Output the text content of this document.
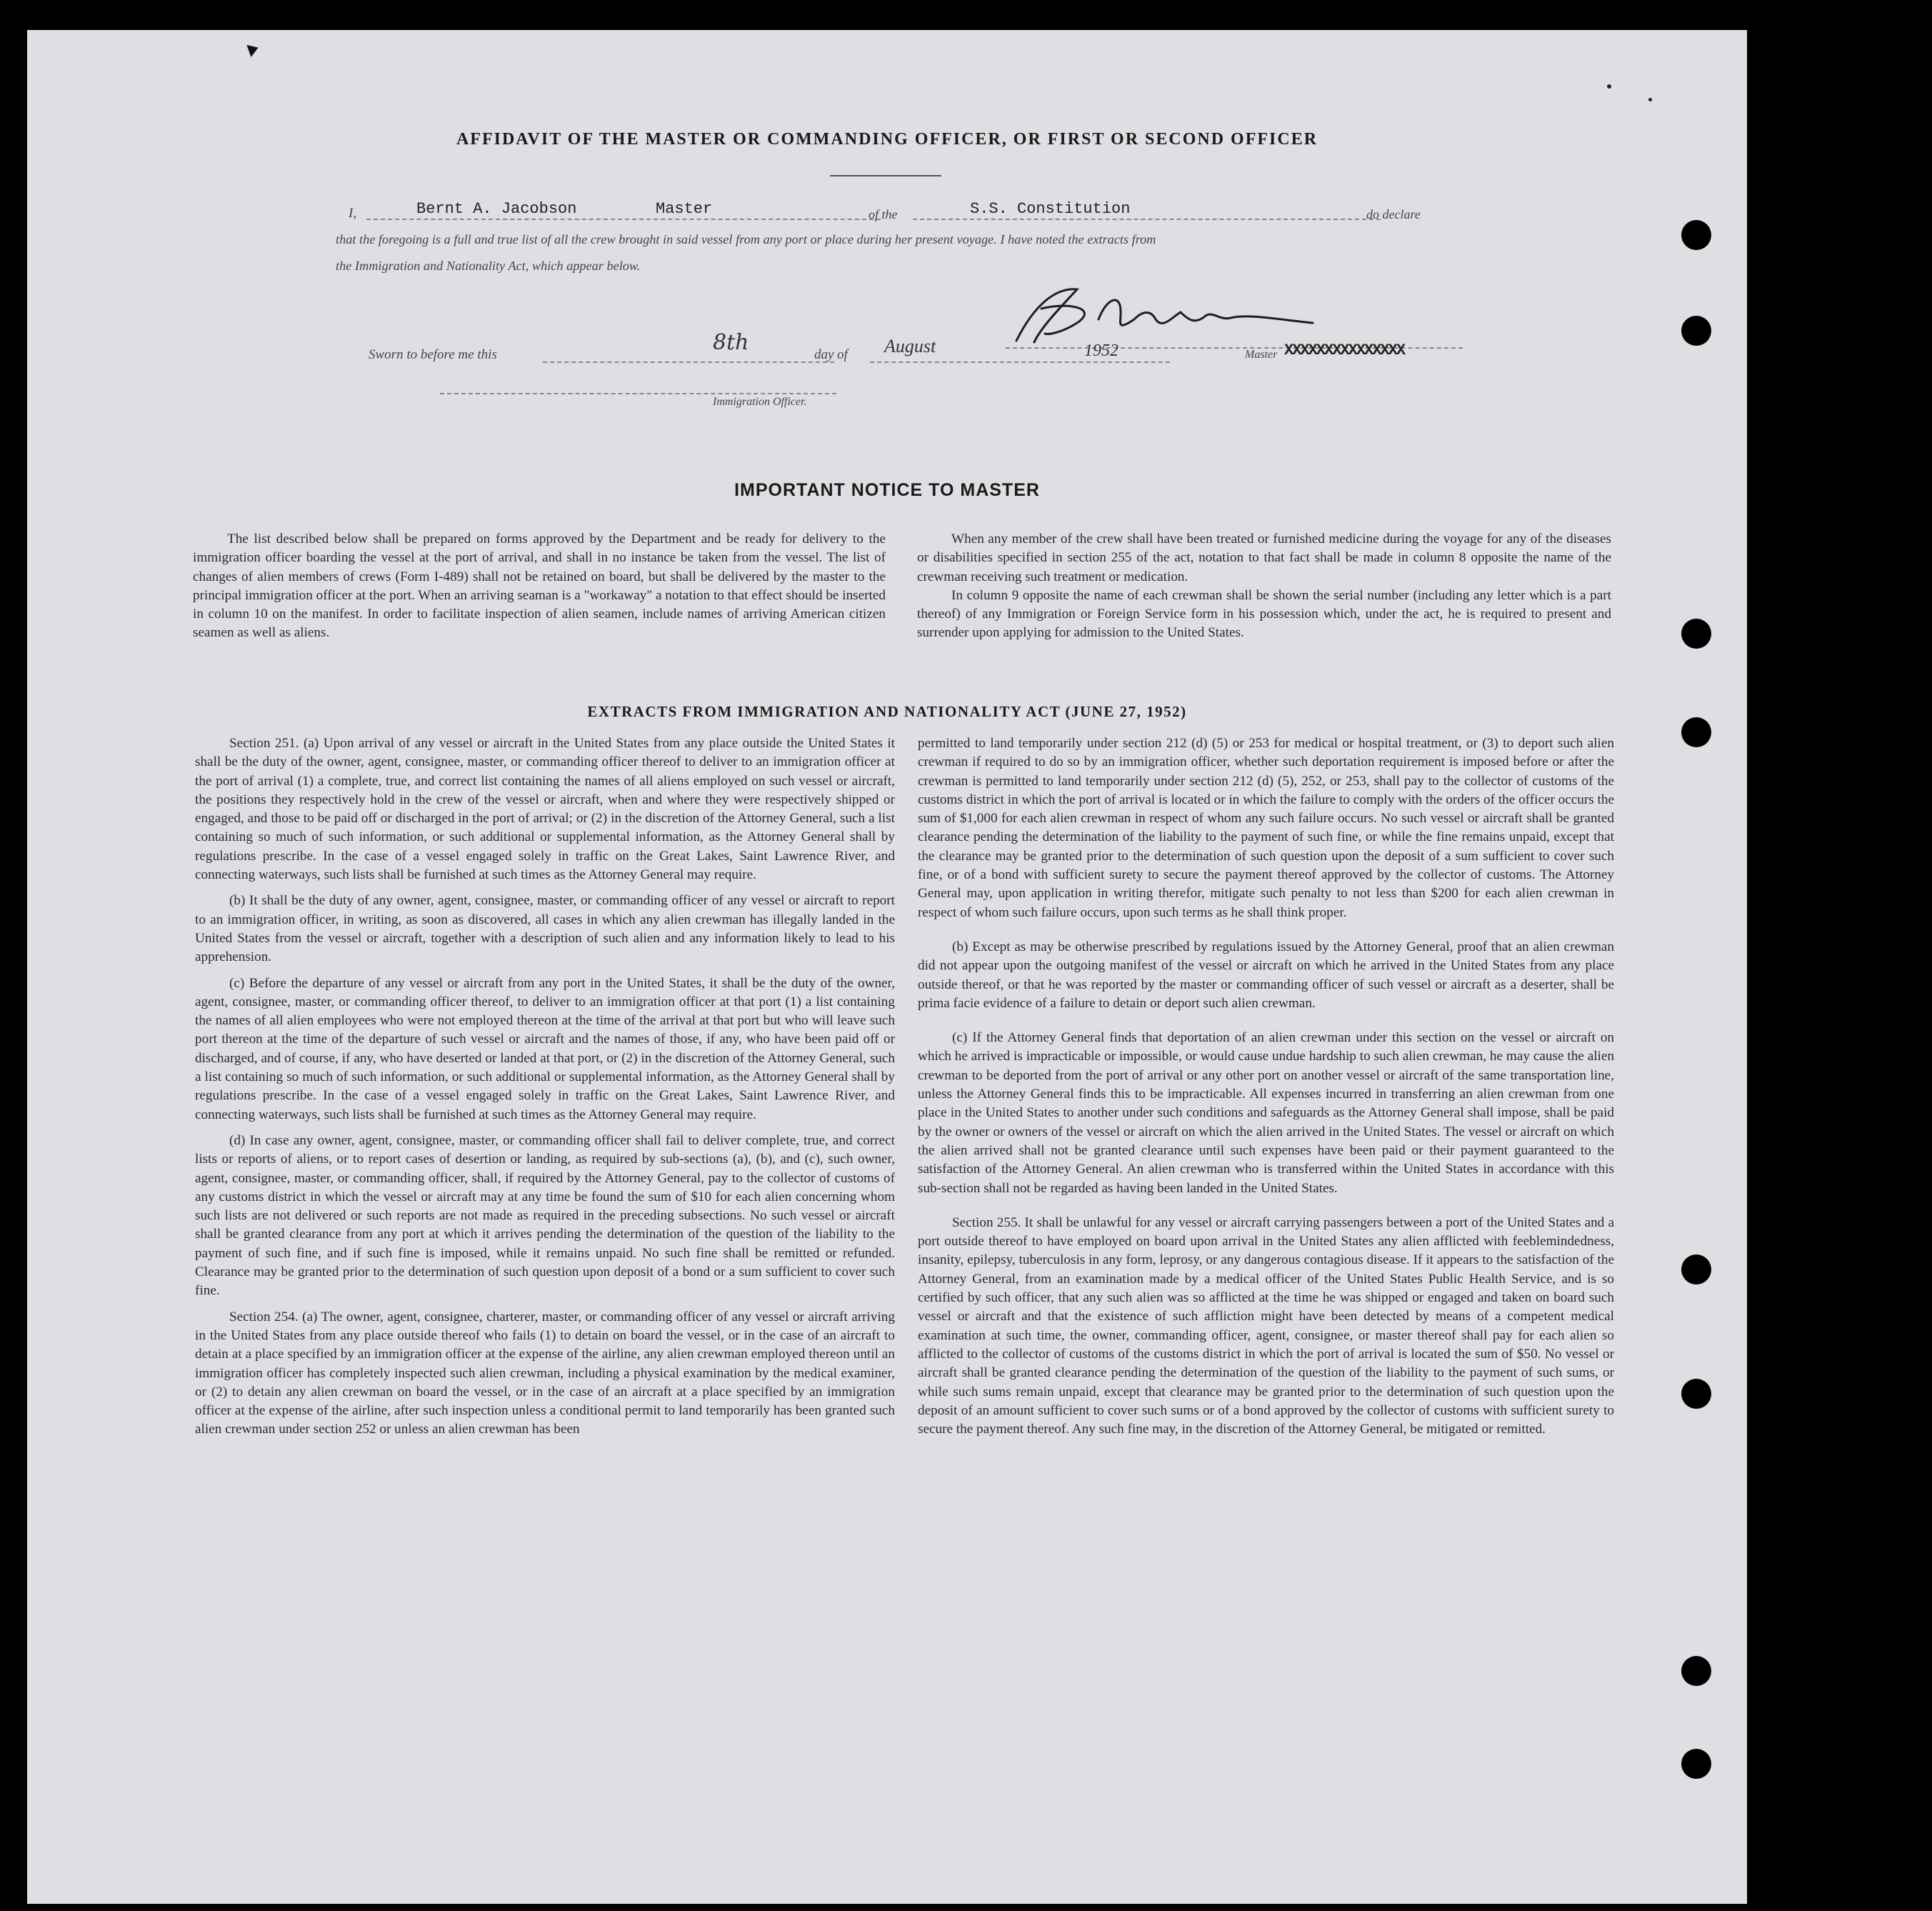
AFFIDAVIT OF THE MASTER OR COMMANDING OFFICER, OR FIRST OR SECOND OFFICER
I,	Bernt A. Jacobson	Master	of the	S.S. Constitution	do declare
that the foregoing is a full and true list of all the crew brought in said vessel from any port or place during her present voyage. I have noted the extracts from
the Immigration and Nationality Act, which appear below.
Master XXXXXXXXXXXXXXX
Sworn to before me this	8th	day of August	1952
Immigration Officer.
IMPORTANT NOTICE TO MASTER

The list described below shall be prepared on forms approved by the Department and be ready for delivery to the immigration officer boarding the vessel at the port of arrival, and shall in no instance be taken from the vessel. The list of changes of alien members of crews (Form I-489) shall not be retained on board, but shall be delivered by the master to the principal immigration officer at the port. When an arriving seaman is a "workaway" a notation to that effect should be inserted in column 10 on the manifest. In order to facilitate inspection of alien seamen, include names of arriving American citizen seamen as well as aliens.

When any member of the crew shall have been treated or furnished medicine during the voyage for any of the diseases or disabilities specified in section 255 of the act, notation to that fact shall be made in column 8 opposite the name of the crewman receiving such treatment or medication.

In column 9 opposite the name of each crewman shall be shown the serial number (including any letter which is a part thereof) of any Immigration or Foreign Service form in his possession which, under the act, he is required to present and surrender upon applying for admission to the United States.

EXTRACTS FROM IMMIGRATION AND NATIONALITY ACT (JUNE 27, 1952)

Section 251. (a) Upon arrival of any vessel or aircraft in the United States from any place outside the United States it shall be the duty of the owner, agent, consignee, master, or commanding officer thereof to deliver to an immigration officer at the port of arrival (1) a complete, true, and correct list containing the names of all aliens employed on such vessel or aircraft, the positions they respectively hold in the crew of the vessel or aircraft, when and where they were respectively shipped or engaged, and those to be paid off or discharged in the port of arrival; or (2) in the discretion of the Attorney General, such a list containing so much of such information, or such additional or supplemental information, as the Attorney General shall by regulations prescribe. In the case of a vessel engaged solely in traffic on the Great Lakes, Saint Lawrence River, and connecting waterways, such lists shall be furnished at such times as the Attorney General may require.

(b) It shall be the duty of any owner, agent, consignee, master, or commanding officer of any vessel or aircraft to report to an immigration officer, in writing, as soon as discovered, all cases in which any alien crewman has illegally landed in the United States from the vessel or aircraft, together with a description of such alien and any information likely to lead to his apprehension.

(c) Before the departure of any vessel or aircraft from any port in the United States, it shall be the duty of the owner, agent, consignee, master, or commanding officer thereof, to deliver to an immigration officer at that port (1) a list containing the names of all alien employees who were not employed thereon at the time of the arrival at that port but who will leave such port thereon at the time of the departure of such vessel or aircraft and the names of those, if any, who have been paid off or discharged, and of course, if any, who have deserted or landed at that port, or (2) in the discretion of the Attorney General, such a list containing so much of such information, or such additional or supplemental information, as the Attorney General shall by regulations prescribe. In the case of a vessel engaged solely in traffic on the Great Lakes, Saint Lawrence River, and connecting waterways, such lists shall be furnished at such times as the Attorney General may require.

(d) In case any owner, agent, consignee, master, or commanding officer shall fail to deliver complete, true, and correct lists or reports of aliens, or to report cases of desertion or landing, as required by sub-sections (a), (b), and (c), such owner, agent, consignee, master, or commanding officer, shall, if required by the Attorney General, pay to the collector of customs of any customs district in which the vessel or aircraft may at any time be found the sum of $10 for each alien concerning whom such lists are not delivered or such reports are not made as required in the preceding subsections. No such vessel or aircraft shall be granted clearance from any port at which it arrives pending the determination of the question of the liability to the payment of such fine, and if such fine is imposed, while it remains unpaid. No such fine shall be remitted or refunded. Clearance may be granted prior to the determination of such question upon deposit of a bond or a sum sufficient to cover such fine.

Section 254. (a) The owner, agent, consignee, charterer, master, or commanding officer of any vessel or aircraft arriving in the United States from any place outside thereof who fails (1) to detain on board the vessel, or in the case of an aircraft to detain at a place specified by an immigration officer at the expense of the airline, any alien crewman employed thereon until an immigration officer has completely inspected such alien crewman, including a physical examination by the medical examiner, or (2) to detain any alien crewman on board the vessel, or in the case of an aircraft at a place specified by an immigration officer at the expense of the airline, after such inspection unless a conditional permit to land temporarily has been granted such alien crewman under section 252 or unless an alien crewman has been

permitted to land temporarily under section 212 (d) (5) or 253 for medical or hospital treatment, or (3) to deport such alien crewman if required to do so by an immigration officer, whether such deportation requirement is imposed before or after the crewman is permitted to land temporarily under section 212 (d) (5), 252, or 253, shall pay to the collector of customs of the customs district in which the port of arrival is located or in which the failure to comply with the orders of the officer occurs the sum of $1,000 for each alien crewman in respect of whom any such failure occurs. No such vessel or aircraft shall be granted clearance pending the determination of the liability to the payment of such fine, or while the fine remains unpaid, except that the clearance may be granted prior to the determination of such question upon the deposit of a sum sufficient to cover such fine, or of a bond with sufficient surety to secure the payment thereof approved by the collector of customs. The Attorney General may, upon application in writing therefor, mitigate such penalty to not less than $200 for each alien crewman in respect of whom such failure occurs, upon such terms as he shall think proper.

(b) Except as may be otherwise prescribed by regulations issued by the Attorney General, proof that an alien crewman did not appear upon the outgoing manifest of the vessel or aircraft on which he arrived in the United States from any place outside thereof, or that he was reported by the master or commanding officer of such vessel or aircraft as a deserter, shall be prima facie evidence of a failure to detain or deport such alien crewman.

(c) If the Attorney General finds that deportation of an alien crewman under this section on the vessel or aircraft on which he arrived is impracticable or impossible, or would cause undue hardship to such alien crewman, he may cause the alien crewman to be deported from the port of arrival or any other port on another vessel or aircraft of the same transportation line, unless the Attorney General finds this to be impracticable. All expenses incurred in transferring an alien crewman from one place in the United States to another under such conditions and safeguards as the Attorney General shall impose, shall be paid by the owner or owners of the vessel or aircraft on which the alien arrived in the United States. The vessel or aircraft on which the alien arrived shall not be granted clearance until such expenses have been paid or their payment guaranteed to the satisfaction of the Attorney General. An alien crewman who is transferred within the United States in accordance with this sub-section shall not be regarded as having been landed in the United States.

Section 255. It shall be unlawful for any vessel or aircraft carrying passengers between a port of the United States and a port outside thereof to have employed on board upon arrival in the United States any alien afflicted with feeblemindedness, insanity, epilepsy, tuberculosis in any form, leprosy, or any dangerous contagious disease. If it appears to the satisfaction of the Attorney General, from an examination made by a medical officer of the United States Public Health Service, and is so certified by such officer, that any such alien was so afflicted at the time he was shipped or engaged and taken on board such vessel or aircraft and that the existence of such affliction might have been detected by means of a competent medical examination at such time, the owner, commanding officer, agent, consignee, or master thereof shall pay for each alien so afflicted to the collector of customs of the customs district in which the port of arrival is located the sum of $50. No vessel or aircraft shall be granted clearance pending the determination of the question of the liability to the payment of such sums, or while such sums remain unpaid, except that clearance may be granted prior to the determination of such question upon the deposit of an amount sufficient to cover such sums or of a bond approved by the collector of customs with sufficient surety to secure the payment thereof. Any such fine may, in the discretion of the Attorney General, be mitigated or remitted.
